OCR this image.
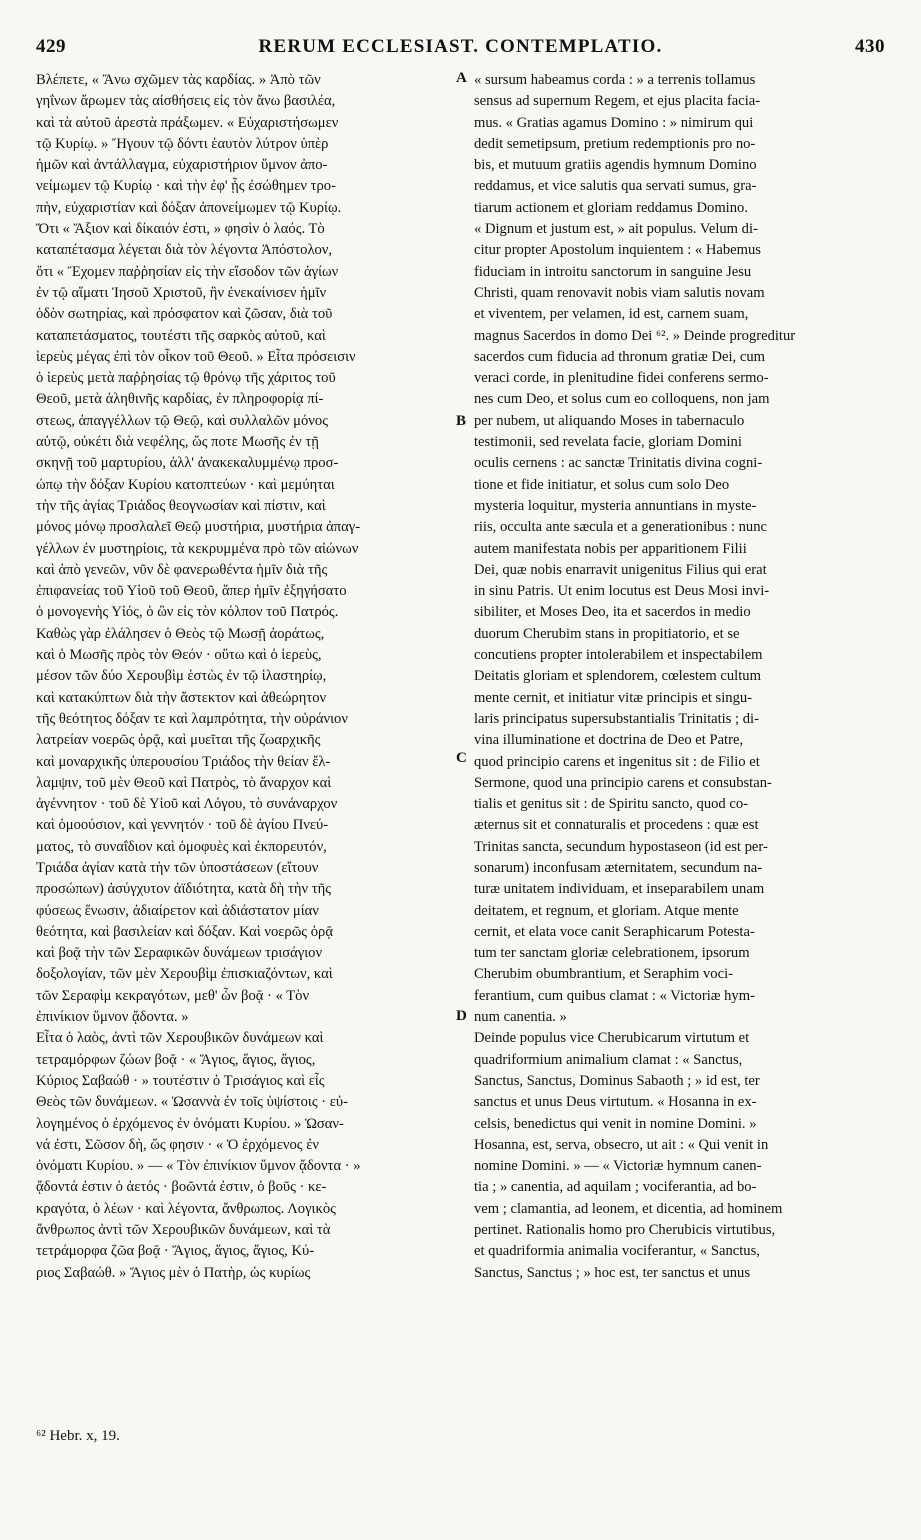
429	RERUM ECCLESIAST. CONTEMPLATIO.	430
Βλέπετε, « Ἄνω σχῶμεν τὰς καρδίας. » Ἀπὸ τῶν
γηΐνων ἄρωμεν τὰς αἰσθήσεις εἰς τὸν ἄνω βασιλέα,
καὶ τὰ αὐτοῦ ἀρεστὰ πράξωμεν. « Εὐχαριστήσωμεν
τῷ Κυρίῳ. » Ἤγουν τῷ δόντι ἑαυτὸν λύτρον ὑπὲρ
ἡμῶν καὶ ἀντάλλαγμα, εὐχαριστήριον ὕμνον ἀπο-
νείμωμεν τῷ Κυρίῳ · καὶ τὴν ἐφ' ᾗς ἐσώθημεν τρο-
πὴν, εὐχαριστίαν καὶ δόξαν ἀπονείμωμεν τῷ Κυρίῳ.
Ὅτι « Ἄξιον καὶ δίκαιόν ἐστι, » φησὶν ὁ λαός. Τὸ
καταπέτασμα λέγεται διὰ τὸν λέγοντα Ἀπόστολον,
ὅτι « Ἔχομεν παῤῥησίαν εἰς τὴν εἴσοδον τῶν ἁγίων
ἐν τῷ αἵματι Ἰησοῦ Χριστοῦ, ἣν ἐνεκαίνισεν ἡμῖν
ὁδὸν σωτηρίας, καὶ πρόσφατον καὶ ζῶσαν, διὰ τοῦ
καταπετάσματος, τουτέστι τῆς σαρκὸς αὐτοῦ, καὶ
ἱερεὺς μέγας ἐπὶ τὸν οἶκον τοῦ Θεοῦ. » Εἶτα πρόσεισιν
ὁ ἱερεὺς μετὰ παῤῥησίας τῷ θρόνῳ τῆς χάριτος τοῦ
Θεοῦ, μετὰ ἀληθινῆς καρδίας, ἐν πληροφορίᾳ πί-
στεως, ἀπαγγέλλων τῷ Θεῷ, καὶ συλλαλῶν μόνος
αὐτῷ, οὐκέτι διὰ νεφέλης, ὥς ποτε Μωσῆς ἐν τῇ
σκηνῇ τοῦ μαρτυρίου, ἀλλ' ἀνακεκαλυμμένῳ προσ-
ώπῳ τὴν δόξαν Κυρίου κατοπτεύων · καὶ μεμύηται
τὴν τῆς ἁγίας Τριάδος θεογνωσίαν καὶ πίστιν, καὶ
μόνος μόνῳ προσλαλεῖ Θεῷ μυστήρια, μυστήρια ἀπαγ-
γέλλων ἐν μυστηρίοις, τὰ κεκρυμμένα πρὸ τῶν αἰώνων
καὶ ἀπὸ γενεῶν, νῦν δὲ φανερωθέντα ἡμῖν διὰ τῆς
ἐπιφανείας τοῦ Υἱοῦ τοῦ Θεοῦ, ἅπερ ἡμῖν ἐξηγήσατο
ὁ μονογενὴς Υἱός, ὁ ὢν εἰς τὸν κόλπον τοῦ Πατρός.
Καθὼς γὰρ ἐλάλησεν ὁ Θεὸς τῷ Μωσῇ ἀοράτως,
καὶ ὁ Μωσῆς πρὸς τὸν Θεόν · οὕτω καὶ ὁ ἱερεὺς,
μέσον τῶν δύο Χερουβὶμ ἑστὼς ἐν τῷ ἱλαστηρίῳ,
καὶ κατακύπτων διὰ τὴν ἄστεκτον καὶ ἀθεώρητον
τῆς θεότητος δόξαν τε καὶ λαμπρότητα, τὴν οὐράνιον
λατρείαν νοερῶς ὁρᾷ, καὶ μυεῖται τῆς ζωαρχικῆς
καὶ μοναρχικῆς ὑπερουσίου Τριάδος τὴν θείαν ἔλ-
λαμψιν, τοῦ μὲν Θεοῦ καὶ Πατρὸς, τὸ ἄναρχον καὶ
ἀγέννητον · τοῦ δὲ Υἱοῦ καὶ Λόγου, τὸ συνάναρχον
καὶ ὁμοούσιον, καὶ γεννητόν · τοῦ δὲ ἁγίου Πνεύ-
ματος, τὸ συναΐδιον καὶ ὁμοφυὲς καὶ ἐκπορευτόν,
Τριάδα ἁγίαν κατὰ τὴν τῶν ὑποστάσεων (εἴτουν
προσώπων) ἀσύγχυτον ἀϊδιότητα, κατὰ δὴ τὴν τῆς
φύσεως ἕνωσιν, ἀδιαίρετον καὶ ἀδιάστατον μίαν
θεότητα, καὶ βασιλείαν καὶ δόξαν. Καὶ νοερῶς ὁρᾷ
καὶ βοᾷ τὴν τῶν Σεραφικῶν δυνάμεων τρισάγιον
δοξολογίαν, τῶν μὲν Χερουβὶμ ἐπισκιαζόντων, καὶ
τῶν Σεραφὶμ κεκραγότων, μεθ' ὧν βοᾷ · « Τὸν
ἐπινίκιον ὕμνον ᾄδοντα. »
Εἶτα ὁ λαὸς, ἀντὶ τῶν Χερουβικῶν δυνάμεων καὶ
τετραμόρφων ζώων βοᾷ · « Ἅγιος, ἅγιος, ἅγιος,
Κύριος Σαβαώθ · » τουτέστιν ὁ Τρισάγιος καὶ εἷς
Θεὸς τῶν δυνάμεων. « Ὡσαννὰ ἐν τοῖς ὑψίστοις · εὐ-
λογημένος ὁ ἐρχόμενος ἐν ὀνόματι Κυρίου. » Ὡσαν-
νά ἐστι, Σῶσον δὴ, ὥς φησιν · « Ὁ ἐρχόμενος ἐν
ὀνόματι Κυρίου. » — « Τὸν ἐπινίκιον ὕμνον ᾄδοντα · »
ᾄδοντά ἐστιν ὁ ἀετός · βοῶντά ἐστιν, ὁ βοῦς · κε-
κραγότα, ὁ λέων · καὶ λέγοντα, ἄνθρωπος. Λογικὸς
ἄνθρωπος ἀντὶ τῶν Χερουβικῶν δυνάμεων, καὶ τὰ
τετράμορφα ζῶα βοᾷ · Ἅγιος, ἅγιος, ἅγιος, Κύ-
ριος Σαβαώθ. » Ἅγιος μὲν ὁ Πατὴρ, ὡς κυρίως
« sursum habeamus corda : » a terrenis tollamus
sensus ad supernum Regem, et ejus placita facia-
mus. « Gratias agamus Domino : » nimirum qui
dedit semetipsum, pretium redemptionis pro no-
bis, et mutuum gratiis agendis hymnum Domino
reddamus, et vice salutis qua servati sumus, gra-
tiarum actionem et gloriam reddamus Domino.
« Dignum et justum est, » ait populus. Velum di-
citur propter Apostolum inquientem : « Habemus
fiduciam in introitu sanctorum in sanguine Jesu
Christi, quam renovavit nobis viam salutis novam
et viventem, per velamen, id est, carnem suam,
magnus Sacerdos in domo Dei ⁶². » Deinde progreditur
sacerdos cum fiducia ad thronum gratiæ Dei, cum
veraci corde, in plenitudine fidei conferens sermo-
nes cum Deo, et solus cum eo colloquens, non jam
per nubem, ut aliquando Moses in tabernaculo
testimonii, sed revelata facie, gloriam Domini
oculis cernens : ac sanctæ Trinitatis divina cogni-
tione et fide initiatur, et solus cum solo Deo
mysteria loquitur, mysteria annuntians in myste-
riis, occulta ante sæcula et a generationibus : nunc
autem manifestata nobis per apparitionem Filii
Dei, quæ nobis enarravit unigenitus Filius qui erat
in sinu Patris. Ut enim locutus est Deus Mosi invi-
sibiliter, et Moses Deo, ita et sacerdos in medio
duorum Cherubim stans in propitiatorio, et se
concutiens propter intolerabilem et inspectabilem
Deitatis gloriam et splendorem, cœlestem cultum
mente cernit, et initiatur vitæ principis et singu-
laris principatus supersubstantialis Trinitatis ; di-
vina illuminatione et doctrina de Deo et Patre,
quod principio carens et ingenitus sit : de Filio et
Sermone, quod una principio carens et consubstan-
tialis et genitus sit : de Spiritu sancto, quod co-
æternus sit et connaturalis et procedens : quæ est
Trinitas sancta, secundum hypostaseon (id est per-
sonarum) inconfusam æternitatem, secundum na-
turæ unitatem individuam, et inseparabilem unam
deitatem, et regnum, et gloriam. Atque mente
cernit, et elata voce canit Seraphicarum Potesta-
tum ter sanctam gloriæ celebrationem, ipsorum
Cherubim obumbrantium, et Seraphim voci-
ferantium, cum quibus clamat : « Victoriæ hym-
num canentia. »
Deinde populus vice Cherubicarum virtutum et
quadriformium animalium clamat : « Sanctus,
Sanctus, Sanctus, Dominus Sabaoth ; » id est, ter
sanctus et unus Deus virtutum. « Hosanna in ex-
celsis, benedictus qui venit in nomine Domini. »
Hosanna, est, serva, obsecro, ut ait : « Qui venit in
nomine Domini. » — « Victoriæ hymnum canen-
tia ; » canentia, ad aquilam ; vociferantia, ad bo-
vem ; clamantia, ad leonem, et dicentia, ad hominem
pertinet. Rationalis homo pro Cherubicis virtutibus,
et quadriformia animalia vociferantur, « Sanctus,
Sanctus, Sanctus ; » hoc est, ter sanctus et unus
A
B
C
D
⁶² Hebr. x, 19.
